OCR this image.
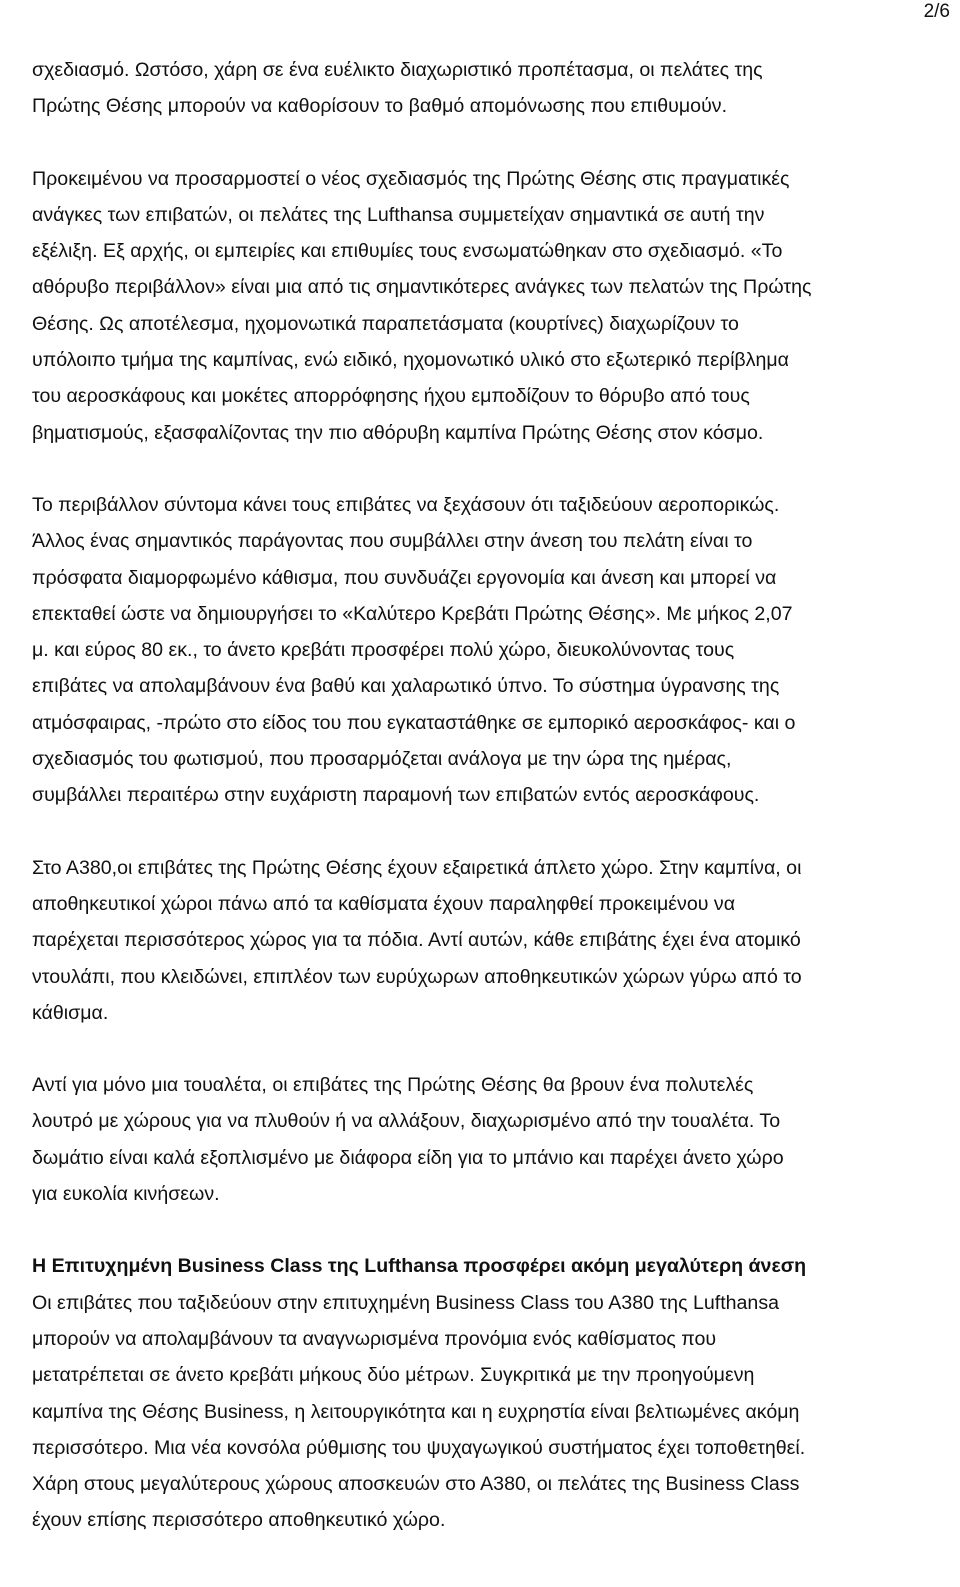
2/6

σχεδιασμό. Ωστόσο, χάρη σε ένα ευέλικτο διαχωριστικό προπέτασμα, οι πελάτες της
Πρώτης Θέσης μπορούν να καθορίσουν το βαθμό απομόνωσης που επιθυμούν.

Προκειμένου να προσαρμοστεί ο νέος σχεδιασμός της Πρώτης Θέσης στις πραγματικές
ανάγκες των επιβατών, οι πελάτες της Lufthansa συμμετείχαν σημαντικά σε αυτή την
εξέλιξη. Εξ αρχής, οι εμπειρίες και επιθυμίες τους ενσωματώθηκαν στο σχεδιασμό. «Το
αθόρυβο περιβάλλον» είναι μια από τις σημαντικότερες ανάγκες των πελατών της Πρώτης
Θέσης. Ως αποτέλεσμα, ηχομονωτικά παραπετάσματα (κουρτίνες) διαχωρίζουν το
υπόλοιπο τμήμα της καμπίνας, ενώ ειδικό, ηχομονωτικό υλικό στο εξωτερικό περίβλημα
του αεροσκάφους και μοκέτες απορρόφησης ήχου εμποδίζουν το θόρυβο από τους
βηματισμούς, εξασφαλίζοντας την πιο αθόρυβη καμπίνα Πρώτης Θέσης στον κόσμο.

Το περιβάλλον σύντομα κάνει τους επιβάτες να ξεχάσουν ότι ταξιδεύουν αεροπορικώς.
Άλλος ένας σημαντικός παράγοντας που συμβάλλει στην άνεση του πελάτη είναι το
πρόσφατα διαμορφωμένο κάθισμα, που συνδυάζει εργονομία και άνεση και μπορεί να
επεκταθεί ώστε να δημιουργήσει το «Καλύτερο Κρεβάτι Πρώτης Θέσης». Με μήκος 2,07
μ. και εύρος 80 εκ., το άνετο κρεβάτι προσφέρει πολύ χώρο, διευκολύνοντας τους
επιβάτες να απολαμβάνουν ένα βαθύ και χαλαρωτικό ύπνο. Το σύστημα ύγρανσης της
ατμόσφαιρας, -πρώτο στο είδος του που εγκαταστάθηκε σε εμπορικό αεροσκάφος- και ο
σχεδιασμός του φωτισμού, που προσαρμόζεται ανάλογα με την ώρα της ημέρας,
συμβάλλει περαιτέρω στην ευχάριστη παραμονή των επιβατών εντός αεροσκάφους.

Στο Α380,οι επιβάτες της Πρώτης Θέσης έχουν εξαιρετικά άπλετο χώρο. Στην καμπίνα, οι
αποθηκευτικοί χώροι πάνω από τα καθίσματα έχουν παραληφθεί προκειμένου να
παρέχεται περισσότερος χώρος για τα πόδια. Αντί αυτών, κάθε επιβάτης έχει ένα ατομικό
ντουλάπι, που κλειδώνει, επιπλέον των ευρύχωρων αποθηκευτικών χώρων γύρω από το
κάθισμα.

Αντί για μόνο μια τουαλέτα, οι επιβάτες της Πρώτης Θέσης θα βρουν ένα πολυτελές
λουτρό με χώρους για να πλυθούν ή να αλλάξουν, διαχωρισμένο από την τουαλέτα. Το
δωμάτιο είναι καλά εξοπλισμένο με διάφορα είδη για το μπάνιο και παρέχει άνετο χώρο
για ευκολία κινήσεων.

Η Επιτυχημένη Business Class της Lufthansa προσφέρει ακόμη μεγαλύτερη άνεση
Οι επιβάτες που ταξιδεύουν στην επιτυχημένη Business Class του Α380 της Lufthansa
μπορούν να απολαμβάνουν τα αναγνωρισμένα προνόμια ενός καθίσματος που
μετατρέπεται σε άνετο κρεβάτι μήκους δύο μέτρων. Συγκριτικά με την προηγούμενη
καμπίνα της Θέσης Business, η λειτουργικότητα και η ευχρηστία είναι βελτιωμένες ακόμη
περισσότερο. Μια νέα κονσόλα ρύθμισης του ψυχαγωγικού συστήματος έχει τοποθετηθεί.
Χάρη στους μεγαλύτερους χώρους αποσκευών στο Α380, οι πελάτες της Business Class
έχουν επίσης περισσότερο αποθηκευτικό χώρο.
